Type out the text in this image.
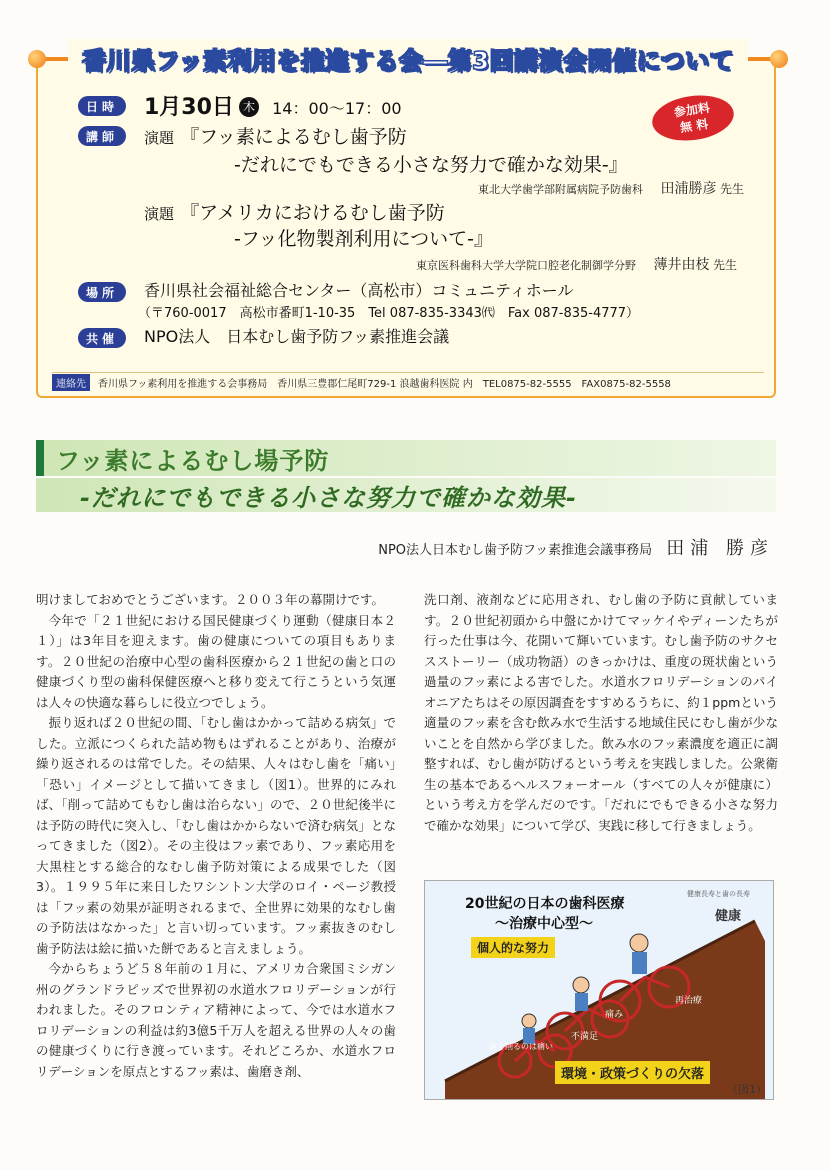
日時	1月30日 木 14：00〜17：00
講師	演題 『フッ素によるむし歯予防
-だれにでもできる小さな努力で確かな効果-』
東北大学歯学部附属病院予防歯科 田浦勝彦 先生
演題 『アメリカにおけるむし歯予防
-フッ化物製剤利用について-』
東京医科歯科大学大学院口腔老化制御学分野 薄井由枝 先生
場所	香川県社会福祉総合センター（高松市）コミュニティホール
（〒760-0017　高松市番町1-10-35　Tel 087-835-3343㈹　Fax 087-835-4777）
共催	NPO法人　日本むし歯予防フッ素推進会議
連絡先	香川県フッ素利用を推進する会事務局　香川県三豊郡仁尾町729-1 浪越歯科医院 内　TEL0875-82-5555　FAX0875-82-5558
香川県フッ素利用を推進する会―第3回講演会開催について
参加料
無 料
フッ素によるむし場予防
-だれにでもできる小さな努力で確かな効果-
NPO法人日本むし歯予防フッ素推進会議事務局 田浦 勝彦

明けましておめでとうございます。２００３年の幕開けです。

今年で「２１世紀における国民健康づくり運動（健康日本２１）」は3年目を迎えます。歯の健康についての項目もあります。２０世紀の治療中心型の歯科医療から２１世紀の歯と口の健康づくり型の歯科保健医療へと移り変えて行こうという気運は人々の快適な暮らしに役立つでしょう。

振り返れば２０世紀の間、「むし歯はかかって詰める病気」でした。立派につくられた詰め物もはずれることがあり、治療が繰り返されるのは常でした。その結果、人々はむし歯を「痛い」「恐い」イメージとして描いてきまし（図1）。世界的にみれば、「削って詰めてもむし歯は治らない」ので、２０世紀後半には予防の時代に突入し、「むし歯はかからないで済む病気」となってきました（図2）。その主役はフッ素であり、フッ素応用を大黒柱とする総合的なむし歯予防対策による成果でした（図3）。１９９５年に来日したワシントン大学のロイ・ページ教授は「フッ素の効果が証明されるまで、全世界に効果的なむし歯の予防法はなかった」と言い切っています。フッ素抜きのむし歯予防法は絵に描いた餅であると言えましょう。

今からちょうど５８年前の１月に、アメリカ合衆国ミシガン州のグランドラピッズで世界初の水道水フロリデーションが行われました。そのフロンティア精神によって、今では水道水フロリデーションの利益は約3億5千万人を超える世界の人々の歯の健康づくりに行き渡っています。それどころか、水道水フロリデーションを原点とするフッ素は、歯磨き剤、

洗口剤、液剤などに応用され、むし歯の予防に貢献しています。２０世紀初頭から中盤にかけてマッケイやディーンたちが行った仕事は今、花開いて輝いています。むし歯予防のサクセスストーリー（成功物語）のきっかけは、重度の斑状歯という過量のフッ素による害でした。水道水フロリデーションのパイオニアたちはその原因調査をすすめるうちに、約１ppmという適量のフッ素を含む飲み水で生活する地域住民にむし歯が少ないことを自然から学びました。飲み水のフッ素濃度を適正に調整すれば、むし歯が防げるという考えを実践しました。公衆衛生の基本であるヘルスフォーオール（すべての人々が健康に）という考え方を学んだのです。「だれにでもできる小さな努力で確かな効果」について学び、実践に移して行きましょう。

20世紀の日本の歯科医療
〜治療中心型〜
個人的な努力
環境・政策づくりの欠落
健康長寿と歯の長寿
健康
再治療
痛み
不満足
歯を削るのは痛い
（図1）
